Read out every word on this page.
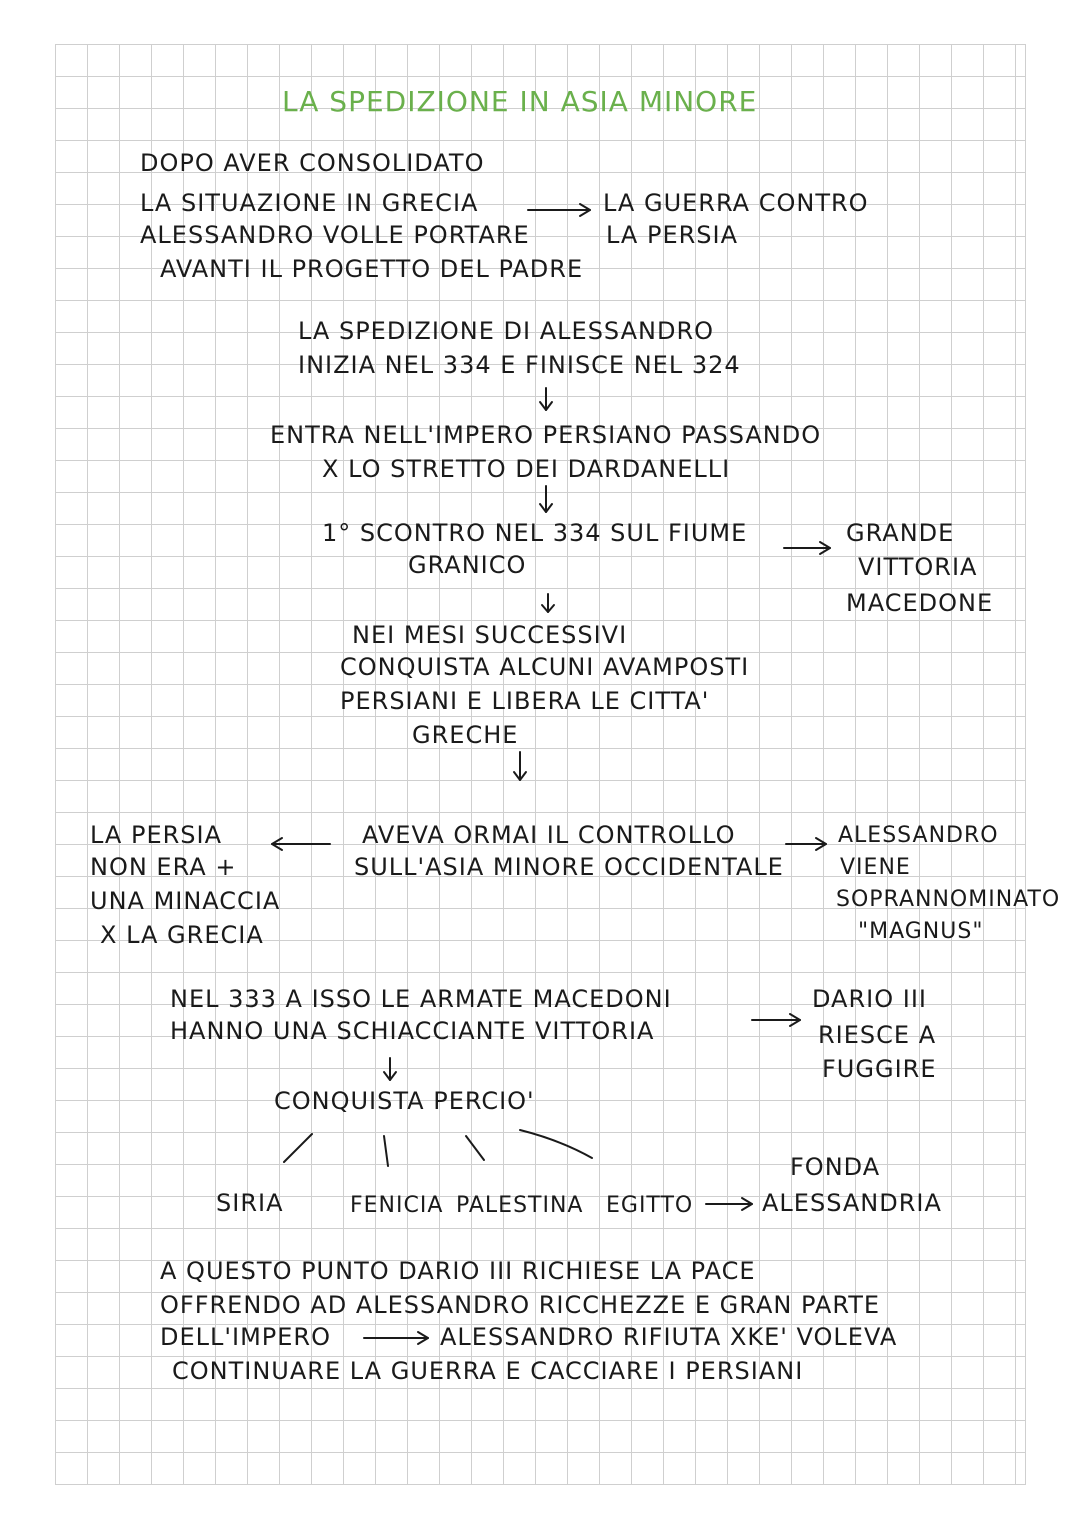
LA SPEDIZIONE IN ASIA MINORE

DOPO AVER CONSOLIDATO

LA SITUAZIONE IN GRECIA

ALESSANDRO VOLLE PORTARE

AVANTI IL PROGETTO DEL PADRE

LA GUERRA CONTRO

LA PERSIA

LA SPEDIZIONE DI ALESSANDRO

INIZIA NEL 334 E FINISCE NEL 324

ENTRA NELL'IMPERO PERSIANO PASSANDO

X LO STRETTO DEI DARDANELLI

1° SCONTRO NEL 334 SUL FIUME

GRANICO

GRANDE

VITTORIA

MACEDONE

NEI MESI SUCCESSIVI

CONQUISTA ALCUNI AVAMPOSTI

PERSIANI E LIBERA LE CITTA'

GRECHE

AVEVA ORMAI IL CONTROLLO

SULL'ASIA MINORE OCCIDENTALE

LA PERSIA

NON ERA +

UNA MINACCIA

X LA GRECIA

ALESSANDRO

VIENE

SOPRANNOMINATO

"MAGNUS"

NEL 333 A ISSO LE ARMATE MACEDONI

HANNO UNA SCHIACCIANTE VITTORIA

DARIO III

RIESCE A

FUGGIRE

CONQUISTA PERCIO'

SIRIA	FENICIA PALESTINA EGITTO

FONDA

ALESSANDRIA

A QUESTO PUNTO DARIO III RICHIESE LA PACE

OFFRENDO AD ALESSANDRO RICCHEZZE E GRAN PARTE

DELL'IMPERO	ALESSANDRO RIFIUTA XKE' VOLEVA

CONTINUARE LA GUERRA E CACCIARE I PERSIANI
